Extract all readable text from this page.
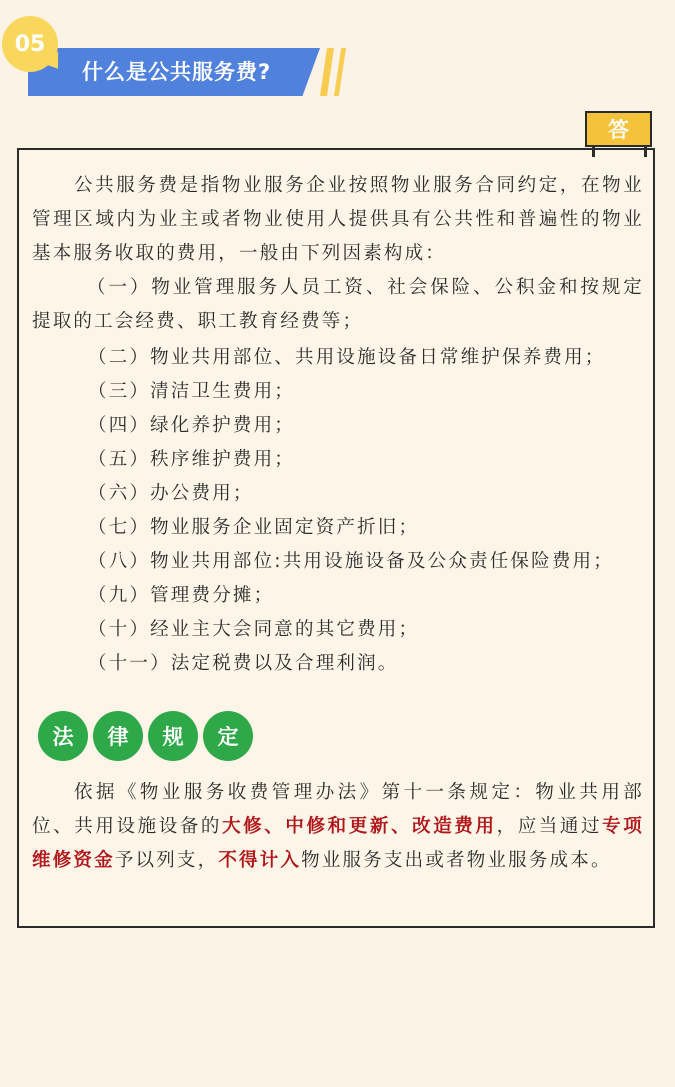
05
什么是公共服务费?
答

公共服务费是指物业服务企业按照物业服务合同约定，在物业管理区域内为业主或者物业使用人提供具有公共性和普遍性的物业基本服务收取的费用，一般由下列因素构成：

（一）物业管理服务人员工资、社会保险、公积金和按规定提取的工会经费、职工教育经费等；

（二）物业共用部位、共用设施设备日常维护保养费用；
（三）清洁卫生费用；
（四）绿化养护费用；
（五）秩序维护费用；
（六）办公费用；
（七）物业服务企业固定资产折旧；
（八）物业共用部位:共用设施设备及公众责任保险费用；
（九）管理费分摊；
（十）经业主大会同意的其它费用；
（十一）法定税费以及合理利润。
法	律	规	定

依据《物业服务收费管理办法》第十一条规定：物业共用部位、共用设施设备的大修、中修和更新、改造费用，应当通过专项维修资金予以列支，不得计入物业服务支出或者物业服务成本。
